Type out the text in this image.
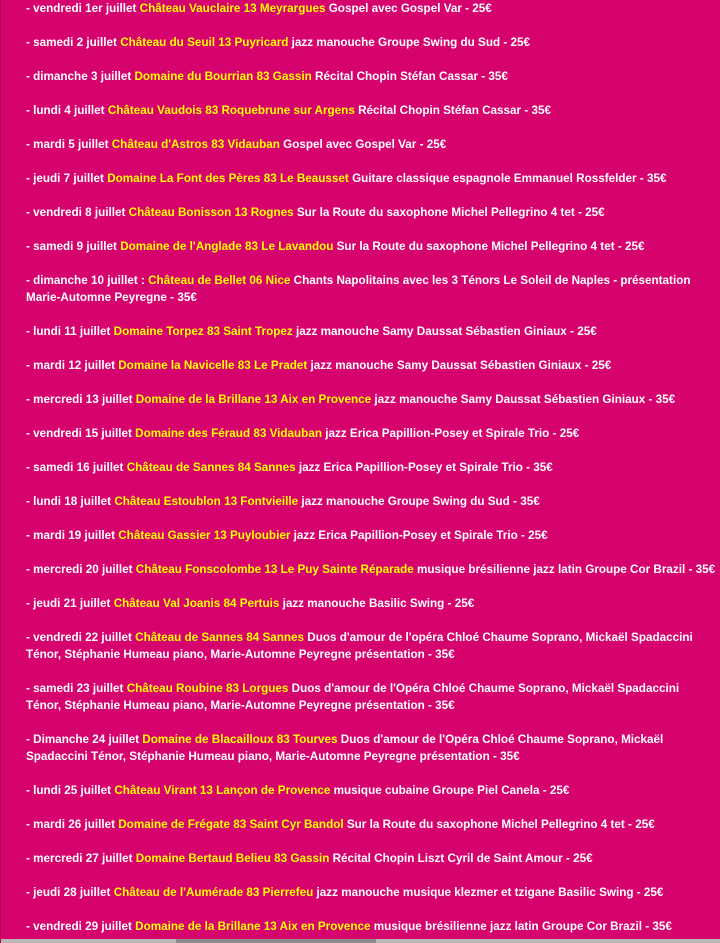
- vendredi 1er juillet Château Vauclaire 13 Meyrargues Gospel avec Gospel Var - 25€
- samedi 2 juillet Château du Seuil 13 Puyricard jazz manouche Groupe Swing du Sud - 25€
- dimanche 3 juillet Domaine du Bourrian 83 Gassin Récital Chopin Stéfan Cassar - 35€
- lundi 4 juillet Château Vaudois 83 Roquebrune sur Argens Récital Chopin Stéfan Cassar - 35€
- mardi 5 juillet Château d'Astros 83 Vidauban Gospel avec Gospel Var - 25€
- jeudi 7 juillet Domaine La Font des Pères 83 Le Beausset Guitare classique espagnole Emmanuel Rossfelder - 35€
- vendredi 8 juillet Château Bonisson 13 Rognes Sur la Route du saxophone Michel Pellegrino 4 tet - 25€
- samedi 9 juillet Domaine de l'Anglade 83 Le Lavandou Sur la Route du saxophone Michel Pellegrino 4 tet - 25€
- dimanche 10 juillet : Château de Bellet 06 Nice Chants Napolitains avec les 3 Ténors Le Soleil de Naples - présentation Marie-Automne Peyregne - 35€
- lundi 11 juillet Domaine Torpez 83 Saint Tropez jazz manouche Samy Daussat Sébastien Giniaux - 25€
- mardi 12 juillet Domaine la Navicelle 83 Le Pradet jazz manouche Samy Daussat Sébastien Giniaux - 25€
- mercredi 13 juillet Domaine de la Brillane 13 Aix en Provence jazz manouche Samy Daussat Sébastien Giniaux - 35€
- vendredi 15 juillet Domaine des Féraud 83 Vidauban jazz Erica Papillion-Posey et Spirale Trio - 25€
- samedi 16 juillet Château de Sannes 84 Sannes jazz Erica Papillion-Posey et Spirale Trio - 35€
- lundi 18 juillet Château Estoublon 13 Fontvieille jazz manouche Groupe Swing du Sud - 35€
- mardi 19 juillet Château Gassier 13 Puyloubier jazz Erica Papillion-Posey et Spirale Trio - 25€
- mercredi 20 juillet Château Fonscolombe 13 Le Puy Sainte Réparade musique brésilienne jazz latin Groupe Cor Brazil - 35€
- jeudi 21 juillet Château Val Joanis 84 Pertuis jazz manouche Basilic Swing - 25€
- vendredi 22 juillet Château de Sannes 84 Sannes Duos d'amour de l'opéra Chloé Chaume Soprano, Mickaël Spadaccini Ténor, Stéphanie Humeau piano, Marie-Automne Peyregne présentation - 35€
- samedi 23 juillet Château Roubine 83 Lorgues Duos d'amour de l'Opéra Chloé Chaume Soprano, Mickaël Spadaccini Ténor, Stéphanie Humeau piano, Marie-Automne Peyregne présentation - 35€
- Dimanche 24 juillet Domaine de Blacailloux 83 Tourves Duos d'amour de l'Opéra Chloé Chaume Soprano, Mickaël Spadaccini Ténor, Stéphanie Humeau piano, Marie-Automne Peyregne présentation - 35€
- lundi 25 juillet Château Virant 13 Lançon de Provence musique cubaine Groupe Piel Canela - 25€
- mardi 26 juillet Domaine de Frégate 83 Saint Cyr Bandol Sur la Route du saxophone Michel Pellegrino 4 tet - 25€
- mercredi 27 juillet Domaine Bertaud Belieu 83 Gassin Récital Chopin Liszt Cyril de Saint Amour - 25€
- jeudi 28 juillet Château de l'Aumérade 83 Pierrefeu jazz manouche musique klezmer et tzigane Basilic Swing - 25€
- vendredi 29 juillet Domaine de la Brillane 13 Aix en Provence musique brésilienne jazz latin Groupe Cor Brazil - 35€
